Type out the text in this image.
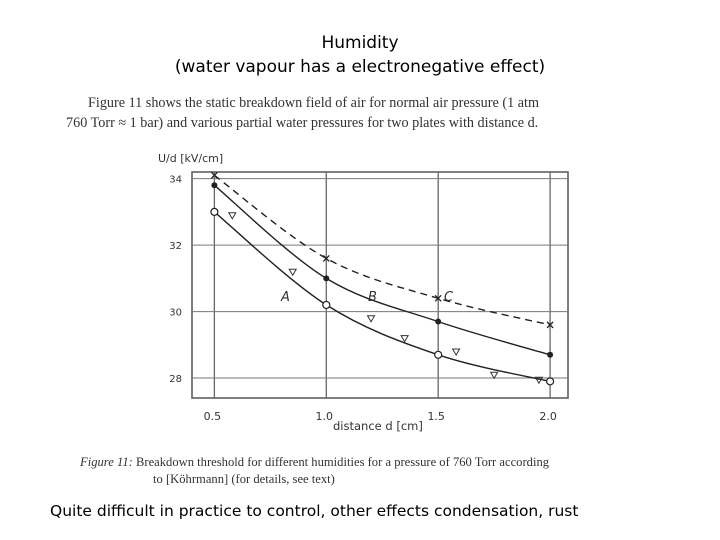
Humidity
(water vapour has a electronegative effect)
Figure 11 shows the static breakdown field of air for normal air pressure (1 atm
760 Torr ≈ 1 bar) and various partial water pressures for two plates with distance d.
0.5	1.0	1.5	2.0
34
32
30
28
U/d [kV/cm]
distance d [cm]
A	B	C
Figure 11: Breakdown threshold for different humidities for a pressure of 760 Torr according
to [Köhrmann] (for details, see text)
Quite difficult in practice to control, other effects condensation, rust
